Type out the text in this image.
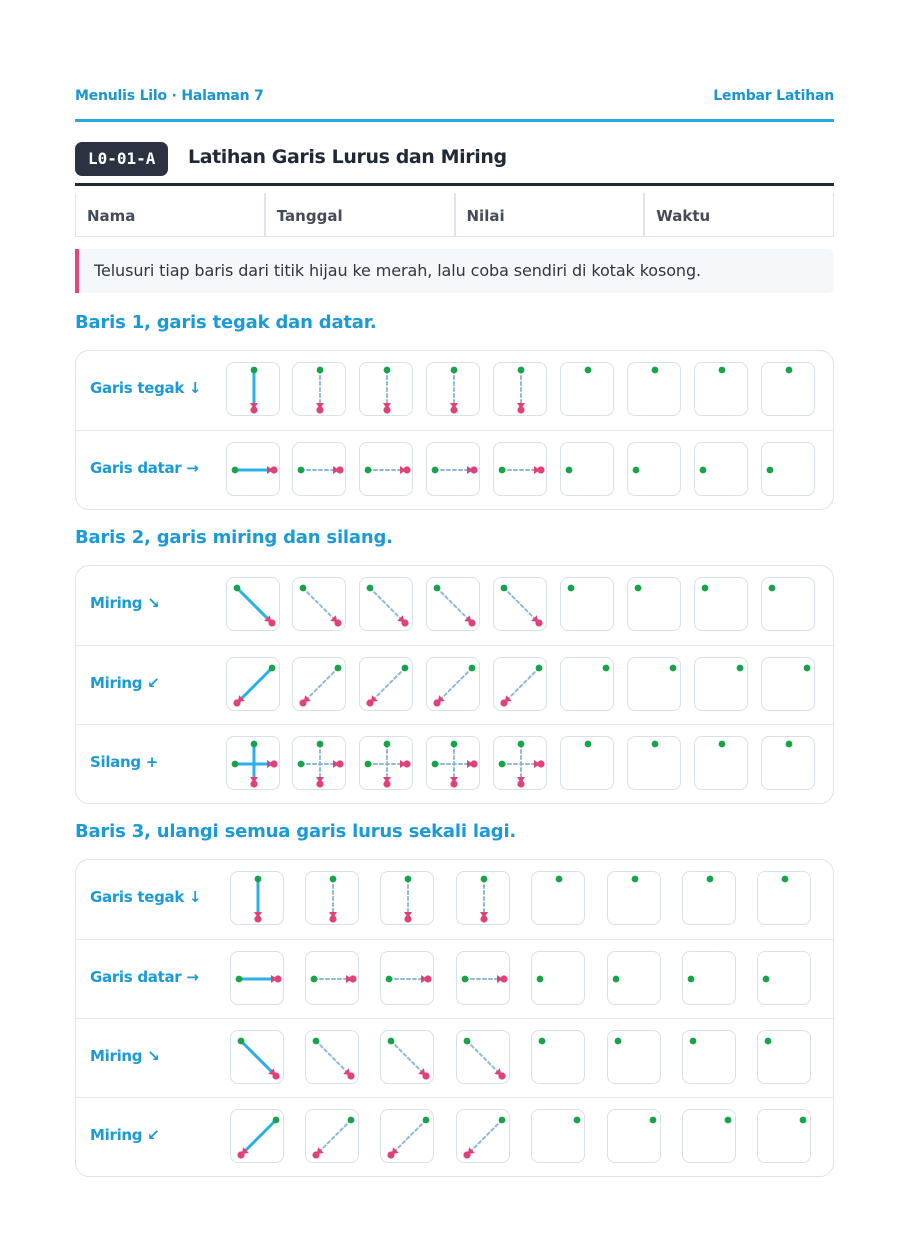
Menulis Lilo · Halaman 7	Lembar Latihan
L0-01-A	Latihan Garis Lurus dan Miring
Nama	Tanggal	Nilai	Waktu
Telusuri tiap baris dari titik hijau ke merah, lalu coba sendiri di kotak kosong.
Baris 1, garis tegak dan datar.
Garis tegak ↓
Garis datar →
Baris 2, garis miring dan silang.
Miring ↘
Miring ↙
Silang +
Baris 3, ulangi semua garis lurus sekali lagi.
Garis tegak ↓
Garis datar →
Miring ↘
Miring ↙
